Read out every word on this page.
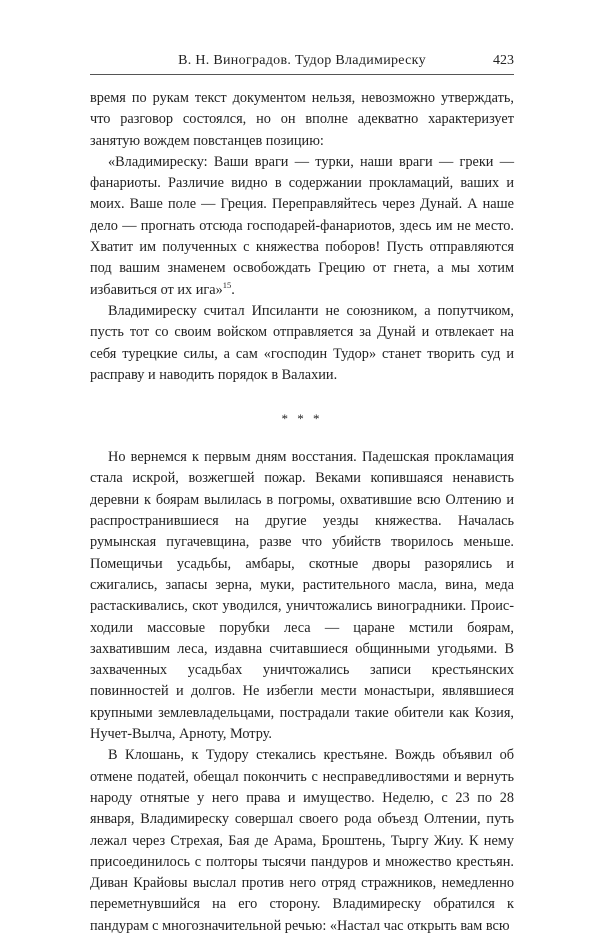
В. Н. Виноградов. Тудор Владимиреску	423

время по рукам текст документом нельзя, невозможно утверждать, что разговор состоялся, но он вполне адекватно характеризует занятую вождем повстанцев позицию:

«Владимиреску: Ваши враги — турки, наши враги — греки — фанариоты. Различие видно в содержании прокламаций, ваших и моих. Ваше поле — Греция. Переправляйтесь через Дунай. А наше дело — прогнать отсюда господарей-фанариотов, здесь им не место. Хватит им полученных с княжества поборов! Пусть отправляются под вашим знаменем освобождать Грецию от гнета, а мы хотим избавиться от их ига»$^{15}$.

Владимиреску считал Ипсиланти не союзником, а попутчиком, пусть тот со своим войском отправляется за Дунай и отвлекает на себя турецкие силы, а сам «господин Тудор» станет творить суд и расправу и наводить порядок в Валахии.

* * *

Но вернемся к первым дням восстания. Падешская прокламация стала искрой, возжегшей пожар. Веками копившаяся ненависть деревни к боярам вылилась в погромы, охватившие всю Олтению и распространившиеся на другие уезды княжества. Началась румынская пугачевщина, разве что убийств творилось меньше. Помещичьи усадьбы, амбары, скотные дворы разорялись и сжигались, запасы зерна, муки, растительного масла, вина, меда растаскивались, скот уводился, уничтожались виноградники. Происходили массовые порубки леса — царане мстили боярам, захватившим леса, издавна считавшиеся общинными угодьями. В захваченных усадьбах уничтожались записи крестьянских повинностей и долгов. Не избегли мести монастыри, являвшиеся крупными землевладельцами, пострадали такие обители как Козия, Нучет-Вылча, Арноту, Мотру.

В Клошань, к Тудору стекались крестьяне. Вождь объявил об отмене податей, обещал покончить с несправедливостями и вернуть народу отнятые у него права и имущество. Неделю, с 23 по 28 января, Владимиреску совершал своего рода объезд Олтении, путь лежал через Стрехая, Бая де Арама, Броштень, Тыргу Жиу. К нему присоединилось с полторы тысячи пандуров и множество крестьян. Диван Крайовы выслал против него отряд стражников, немедленно переметнувшийся на его сторону. Владимиреску обратился к пандурам с многозначительной речью: «Настал час открыть вам всю
